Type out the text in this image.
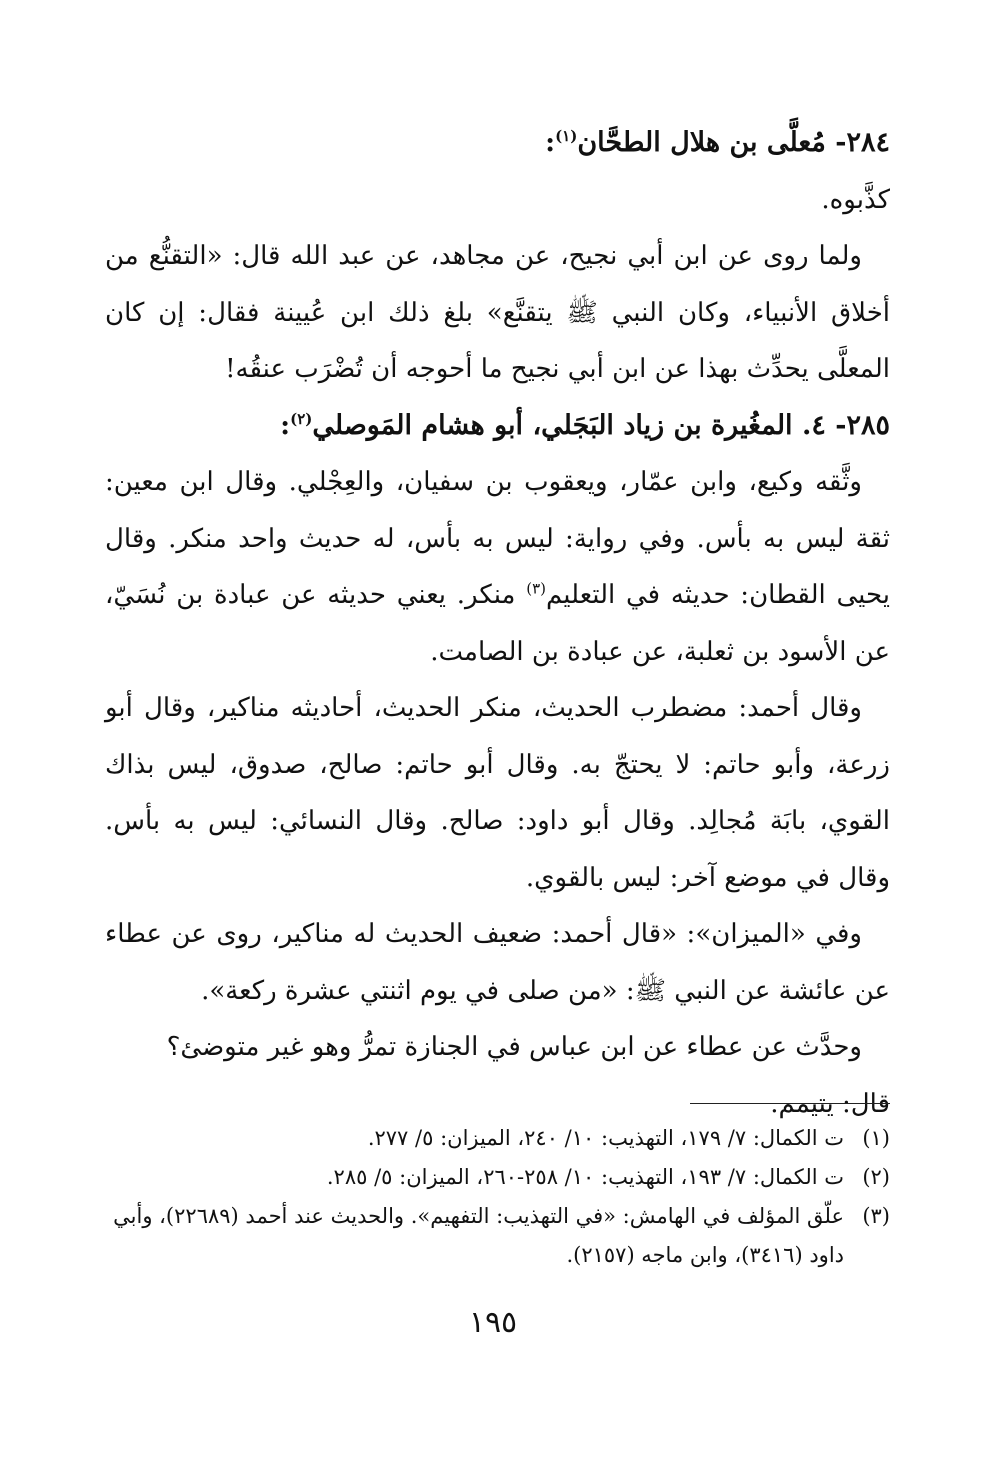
٢٨٤- مُعلَّى بن هلال الطحَّان$^{(١)}$:

كذَّبوه.

ولما روى عن ابن أبي نجيح، عن مجاهد، عن عبد الله قال: «التقنُّع من أخلاق الأنبياء، وكان النبي ﷺ يتقنَّع» بلغ ذلك ابن عُيينة فقال: إن كان المعلَّى يحدِّث بهذا عن ابن أبي نجيح ما أحوجه أن تُضْرَب عنقُه!

٢٨٥- ٤. المغُيرة بن زياد البَجَلي، أبو هشام المَوصلي$^{(٢)}$:

وثَّقه وكيع، وابن عمّار، ويعقوب بن سفيان، والعِجْلي. وقال ابن معين: ثقة ليس به بأس. وفي رواية: ليس به بأس، له حديث واحد منكر. وقال يحيى القطان: حديثه في التعليم$^{(٣)}$ منكر. يعني حديثه عن عبادة بن نُسَيّ، عن الأسود بن ثعلبة، عن عبادة بن الصامت.

وقال أحمد: مضطرب الحديث، منكر الحديث، أحاديثه مناكير، وقال أبو زرعة، وأبو حاتم: لا يحتجّ به. وقال أبو حاتم: صالح، صدوق، ليس بذاك القوي، بابَة مُجالِد. وقال أبو داود: صالح. وقال النسائي: ليس به بأس. وقال في موضع آخر: ليس بالقوي.

وفي «الميزان»: «قال أحمد: ضعيف الحديث له مناكير، روى عن عطاء عن عائشة عن النبي ﷺ: «من صلى في يوم اثنتي عشرة ركعة».

وحدَّث عن عطاء عن ابن عباس في الجنازة تمرُّ وهو غير متوضئ؟

قال: يتيمم.

(١)
ت الكمال: ٧/ ١٧٩، التهذيب: ١٠/ ٢٤٠، الميزان: ٥/ ٢٧٧.

(٢)
ت الكمال: ٧/ ١٩٣، التهذيب: ١٠/ ٢٥٨-٢٦٠، الميزان: ٥/ ٢٨٥.

(٣)
علّق المؤلف في الهامش: «في التهذيب: التفهيم». والحديث عند أحمد (٢٢٦٨٩)، وأبي داود (٣٤١٦)، وابن ماجه (٢١٥٧).

١٩٥
